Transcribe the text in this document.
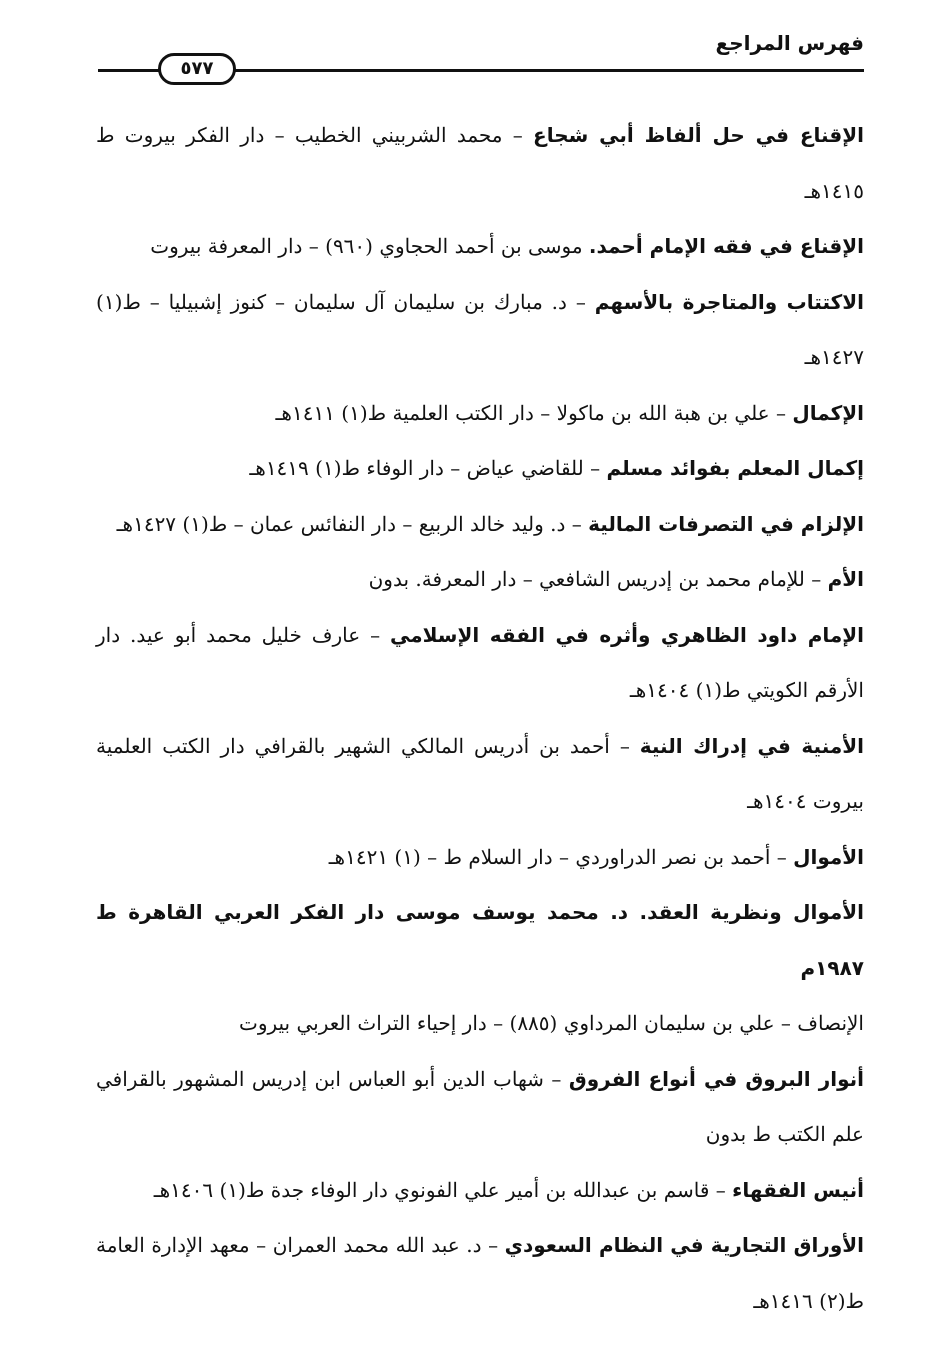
فهرس المراجع
٥٧٧

الإقناع في حل ألفاظ أبي شجاع – محمد الشربيني الخطيب – دار الفكر بيروت ط ١٤١٥هـ

الإقناع في فقه الإمام أحمد. موسى بن أحمد الحجاوي (٩٦٠) – دار المعرفة بيروت

الاكتتاب والمتاجرة بالأسهم – د. مبارك بن سليمان آل سليمان – كنوز إشبيليا – ط(١) ١٤٢٧هـ

الإكمال – علي بن هبة الله بن ماكولا – دار الكتب العلمية ط(١) ١٤١١هـ

إكمال المعلم بفوائد مسلم – للقاضي عياض – دار الوفاء ط(١) ١٤١٩هـ

الإلزام في التصرفات المالية – د. وليد خالد الربيع – دار النفائس عمان – ط(١) ١٤٢٧هـ

الأم – للإمام محمد بن إدريس الشافعي – دار المعرفة. بدون

الإمام داود الظاهري وأثره في الفقه الإسلامي – عارف خليل محمد أبو عيد. دار الأرقم الكويتي ط(١) ١٤٠٤هـ

الأمنية في إدراك النية – أحمد بن أدريس المالكي الشهير بالقرافي دار الكتب العلمية بيروت ١٤٠٤هـ

الأموال – أحمد بن نصر الدراوردي – دار السلام ط – (١) ١٤٢١هـ

الأموال ونظرية العقد. د. محمد يوسف موسى دار الفكر العربي القاهرة ط ١٩٨٧م

الإنصاف – علي بن سليمان المرداوي (٨٨٥) – دار إحياء التراث العربي بيروت

أنوار البروق في أنواع الفروق – شهاب الدين أبو العباس ابن إدريس المشهور بالقرافي علم الكتب ط بدون

أنيس الفقهاء – قاسم بن عبدالله بن أمير علي الفونوي دار الوفاء جدة ط(١) ١٤٠٦هـ

الأوراق التجارية في النظام السعودي – د. عبد الله محمد العمران – معهد الإدارة العامة ط(٢) ١٤١٦هـ
